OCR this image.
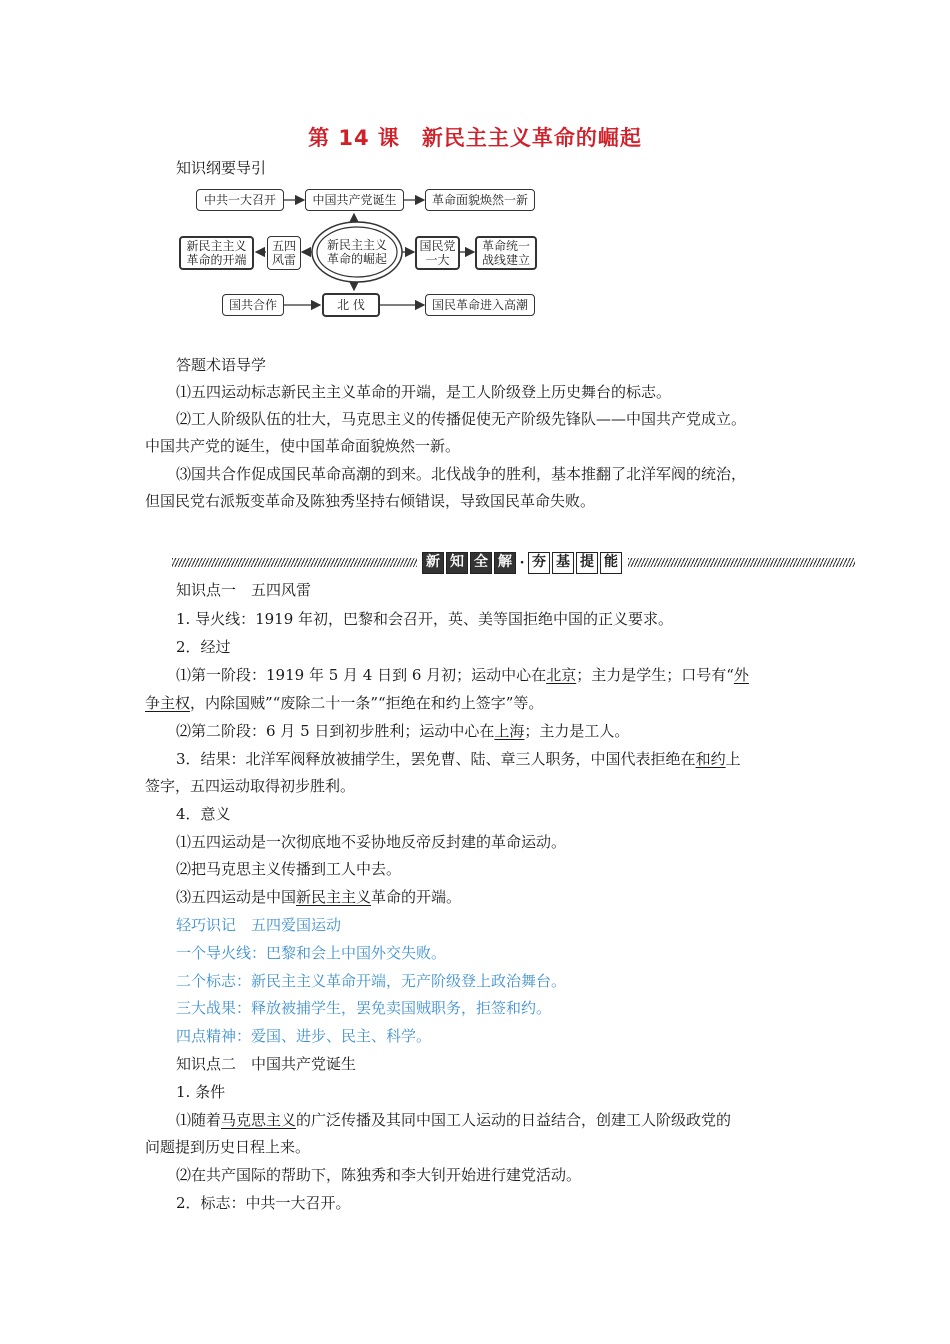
第 14 课　新民主主义革命的崛起
知识纲要导引
中共一大召开	中国共产党诞生	革命面貌焕然一新
新民主主义
革命的开端
五四
风雷
新民主主义
革命的崛起
国民党
一大
革命统一
战线建立
国共合作	北 伐	国民革命进入高潮
答题术语导学
⑴五四运动标志新民主主义革命的开端，是工人阶级登上历史舞台的标志。
⑵工人阶级队伍的壮大，马克思主义的传播促使无产阶级先锋队——中国共产党成立。
中国共产党的诞生，使中国革命面貌焕然一新。
⑶国共合作促成国民革命高潮的到来。北伐战争的胜利，基本推翻了北洋军阀的统治，
但国民党右派叛变革命及陈独秀坚持右倾错误，导致国民革命失败。
新 知 全 解 · 夯 基 提 能
知识点一　五四风雷
1. 导火线：1919 年初，巴黎和会召开，英、美等国拒绝中国的正义要求。
2．经过
⑴第一阶段：1919 年 5 月 4 日到 6 月初；运动中心在北京；主力是学生；口号有“外
争主权，内除国贼”“废除二十一条”“拒绝在和约上签字”等。
⑵第二阶段：6 月 5 日到初步胜利；运动中心在上海；主力是工人。
3．结果：北洋军阀释放被捕学生，罢免曹、陆、章三人职务，中国代表拒绝在和约上
签字，五四运动取得初步胜利。
4．意义
⑴五四运动是一次彻底地不妥协地反帝反封建的革命运动。
⑵把马克思主义传播到工人中去。
⑶五四运动是中国新民主主义革命的开端。
轻巧识记　五四爱国运动
一个导火线：巴黎和会上中国外交失败。
二个标志：新民主主义革命开端，无产阶级登上政治舞台。
三大战果：释放被捕学生，罢免卖国贼职务，拒签和约。
四点精神：爱国、进步、民主、科学。
知识点二　中国共产党诞生
1. 条件
⑴随着马克思主义的广泛传播及其同中国工人运动的日益结合，创建工人阶级政党的
问题提到历史日程上来。
⑵在共产国际的帮助下，陈独秀和李大钊开始进行建党活动。
2．标志：中共一大召开。
